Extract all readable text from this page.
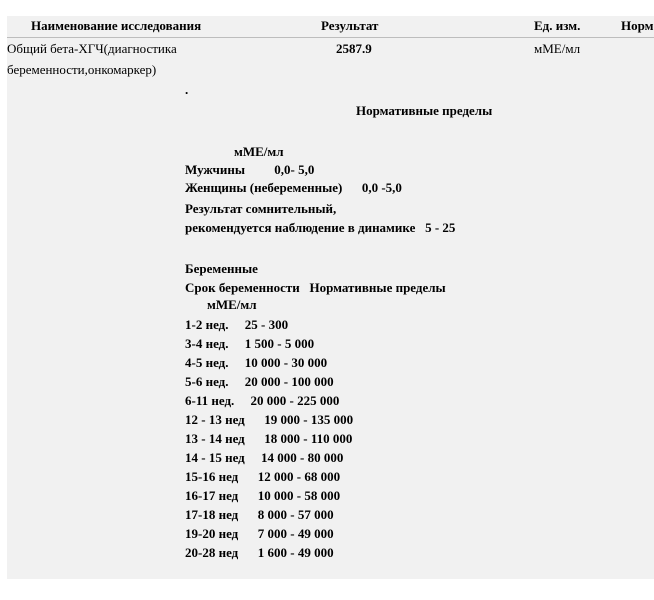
Наименование исследования	Результат	Ед. изм.	Норм
Общий бета-ХГЧ(диагностика
беременности,онкомаркер)
2587.9	мМЕ/мл
.
Нормативные пределы
мМЕ/мл
Мужчины         0,0- 5,0
Женщины (небеременные)      0,0 -5,0
Результат сомнительный,
рекомендуется наблюдение в динамике   5 - 25
Беременные
Срок беременности   Нормативные пределы
мМЕ/мл
1-2 нед.     25 - 300
3-4 нед.     1 500 - 5 000
4-5 нед.     10 000 - 30 000
5-6 нед.     20 000 - 100 000
6-11 нед.     20 000 - 225 000
12 - 13 нед      19 000 - 135 000
13 - 14 нед      18 000 - 110 000
14 - 15 нед     14 000 - 80 000
15-16 нед      12 000 - 68 000
16-17 нед      10 000 - 58 000
17-18 нед      8 000 - 57 000
19-20 нед      7 000 - 49 000
20-28 нед      1 600 - 49 000
